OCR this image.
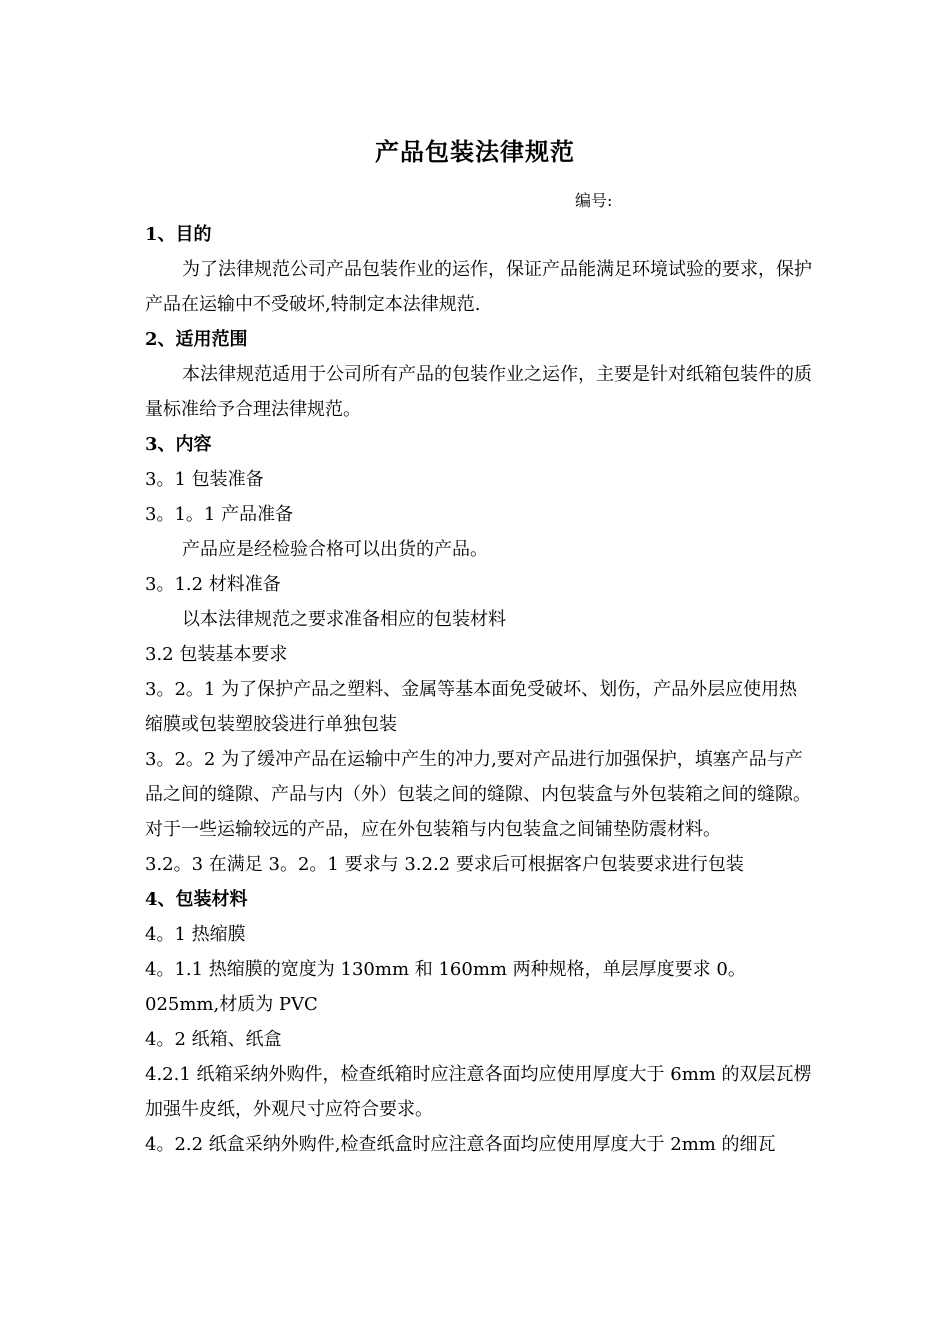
产品包装法律规范
编号:

1、目的

为了法律规范公司产品包装作业的运作，保证产品能满足环境试验的要求，保护产品在运输中不受破坏,特制定本法律规范.

2、适用范围

本法律规范适用于公司所有产品的包装作业之运作，主要是针对纸箱包装件的质量标准给予合理法律规范。

3、内容

3。1 包装准备

3。1。1 产品准备

产品应是经检验合格可以出货的产品。

3。1.2 材料准备

以本法律规范之要求准备相应的包装材料

3.2 包装基本要求

3。2。1 为了保护产品之塑料、金属等基本面免受破坏、划伤，产品外层应使用热缩膜或包装塑胶袋进行单独包装

3。2。2 为了缓冲产品在运输中产生的冲力,要对产品进行加强保护，填塞产品与产品之间的缝隙、产品与内（外）包装之间的缝隙、内包装盒与外包装箱之间的缝隙。对于一些运输较远的产品，应在外包装箱与内包装盒之间铺垫防震材料。

3.2。3 在满足 3。2。1 要求与 3.2.2 要求后可根据客户包装要求进行包装

4、包装材料

4。1 热缩膜

4。1.1 热缩膜的宽度为 130mm 和 160mm 两种规格，单层厚度要求 0。025mm,材质为 PVC

4。2 纸箱、纸盒

4.2.1 纸箱采纳外购件，检查纸箱时应注意各面均应使用厚度大于 6mm 的双层瓦楞加强牛皮纸，外观尺寸应符合要求。

4。2.2 纸盒采纳外购件,检查纸盒时应注意各面均应使用厚度大于 2mm 的细瓦
